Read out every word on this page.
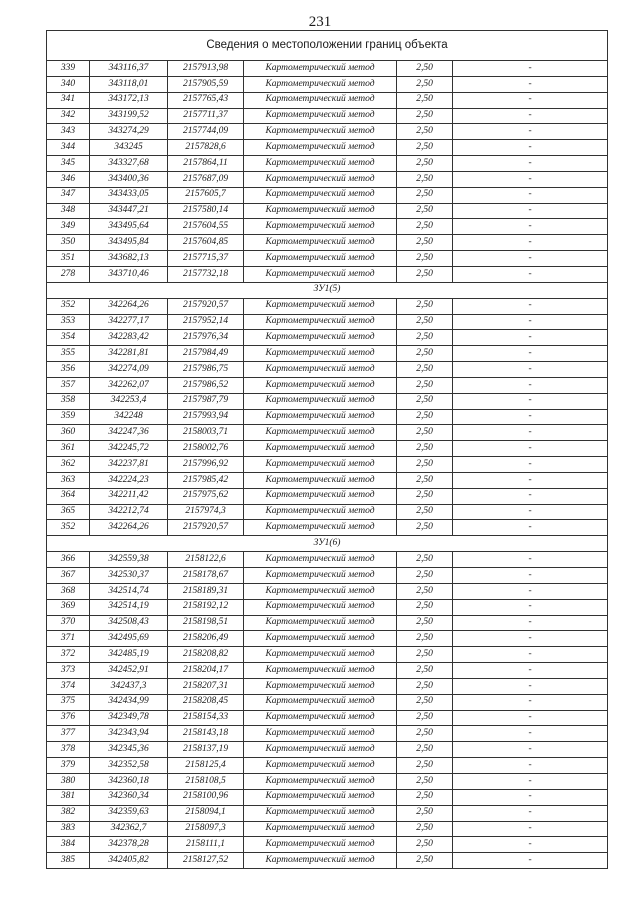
231
Сведения о местоположении границ объекта					
339	343116,37	2157913,98	Картометрический метод	2,50	-
340	343118,01	2157905,59	Картометрический метод	2,50	-
341	343172,13	2157765,43	Картометрический метод	2,50	-
342	343199,52	2157711,37	Картометрический метод	2,50	-
343	343274,29	2157744,09	Картометрический метод	2,50	-
344	343245	2157828,6	Картометрический метод	2,50	-
345	343327,68	2157864,11	Картометрический метод	2,50	-
346	343400,36	2157687,09	Картометрический метод	2,50	-
347	343433,05	2157605,7	Картометрический метод	2,50	-
348	343447,21	2157580,14	Картометрический метод	2,50	-
349	343495,64	2157604,55	Картометрический метод	2,50	-
350	343495,84	2157604,85	Картометрический метод	2,50	-
351	343682,13	2157715,37	Картометрический метод	2,50	-
278	343710,46	2157732,18	Картометрический метод	2,50	-
ЗУ1(5)					
352	342264,26	2157920,57	Картометрический метод	2,50	-
353	342277,17	2157952,14	Картометрический метод	2,50	-
354	342283,42	2157976,34	Картометрический метод	2,50	-
355	342281,81	2157984,49	Картометрический метод	2,50	-
356	342274,09	2157986,75	Картометрический метод	2,50	-
357	342262,07	2157986,52	Картометрический метод	2,50	-
358	342253,4	2157987,79	Картометрический метод	2,50	-
359	342248	2157993,94	Картометрический метод	2,50	-
360	342247,36	2158003,71	Картометрический метод	2,50	-
361	342245,72	2158002,76	Картометрический метод	2,50	-
362	342237,81	2157996,92	Картометрический метод	2,50	-
363	342224,23	2157985,42	Картометрический метод	2,50	-
364	342211,42	2157975,62	Картометрический метод	2,50	-
365	342212,74	2157974,3	Картометрический метод	2,50	-
352	342264,26	2157920,57	Картометрический метод	2,50	-
ЗУ1(6)					
366	342559,38	2158122,6	Картометрический метод	2,50	-
367	342530,37	2158178,67	Картометрический метод	2,50	-
368	342514,74	2158189,31	Картометрический метод	2,50	-
369	342514,19	2158192,12	Картометрический метод	2,50	-
370	342508,43	2158198,51	Картометрический метод	2,50	-
371	342495,69	2158206,49	Картометрический метод	2,50	-
372	342485,19	2158208,82	Картометрический метод	2,50	-
373	342452,91	2158204,17	Картометрический метод	2,50	-
374	342437,3	2158207,31	Картометрический метод	2,50	-
375	342434,99	2158208,45	Картометрический метод	2,50	-
376	342349,78	2158154,33	Картометрический метод	2,50	-
377	342343,94	2158143,18	Картометрический метод	2,50	-
378	342345,36	2158137,19	Картометрический метод	2,50	-
379	342352,58	2158125,4	Картометрический метод	2,50	-
380	342360,18	2158108,5	Картометрический метод	2,50	-
381	342360,34	2158100,96	Картометрический метод	2,50	-
382	342359,63	2158094,1	Картометрический метод	2,50	-
383	342362,7	2158097,3	Картометрический метод	2,50	-
384	342378,28	2158111,1	Картометрический метод	2,50	-
385	342405,82	2158127,52	Картометрический метод	2,50	-
